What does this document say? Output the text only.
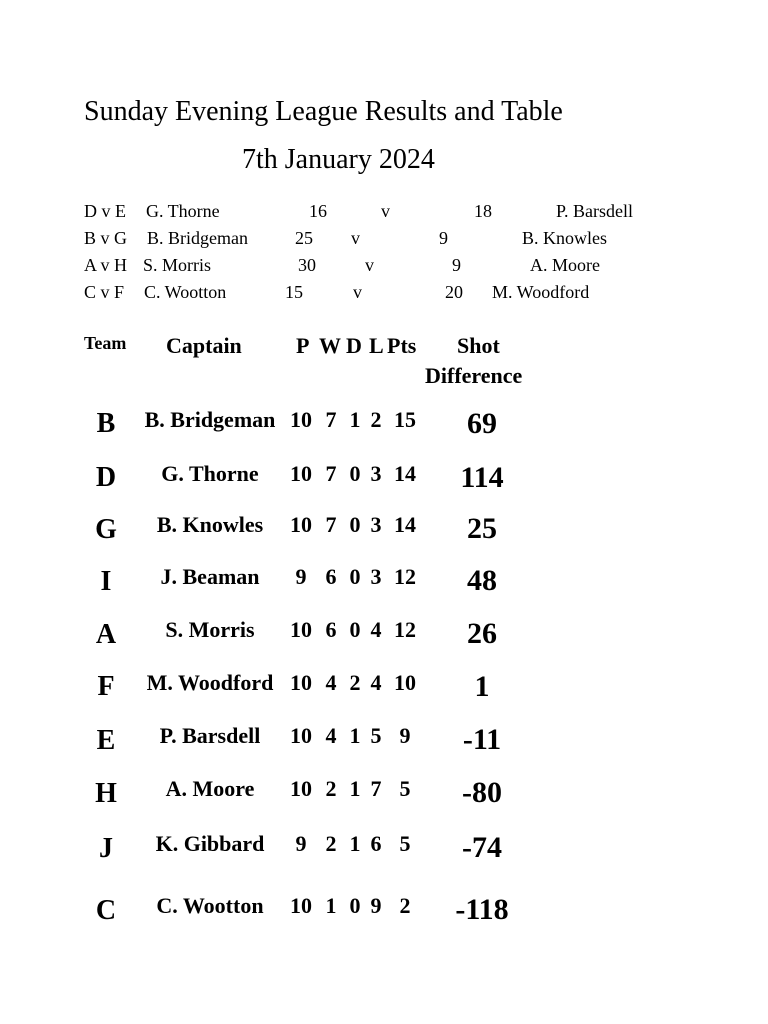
Sunday Evening League Results and Table
7th January 2024
D v E G. Thorne	16	v	18	P. Barsdell
B v G B. Bridgeman	25 v	9	B. Knowles
A v H S. Morris	30	v	9	A. Moore
C v F C. Wootton	15	v	20 M. Woodford
Team Captain P W D L Pts Shot
Difference
B	B. Bridgeman 10 7 1 2 15	69
D	G. Thorne	10 7 0 3 14	114
G	B. Knowles	10 7 0 3 14	25
I	J. Beaman	9 6 0 3 12	48
A	S. Morris	10 6 0 4 12	26
F	M. Woodford 10 4 2 4 10	1
E	P. Barsdell	10 4 1 5 9	-11
H	A. Moore	10 2 1 7 5	-80
J	K. Gibbard	9 2 1 6 5	-74
C	C. Wootton	10 1 0 9 2	-118
